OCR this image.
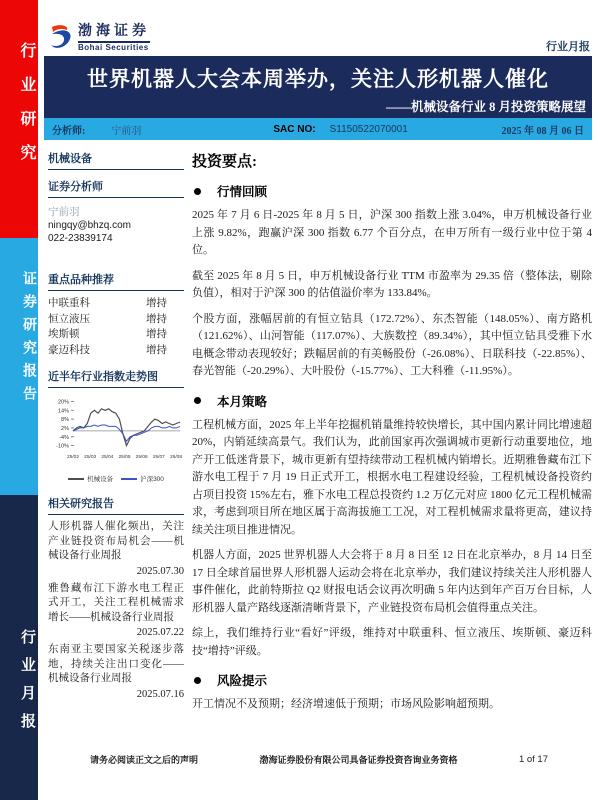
行业研究
证券研究报告
行业月报
渤海证券
Bohai Securities	行业月报
世界机器人大会本周举办，关注人形机器人催化
——机械设备行业 8 月投资策略展望
分析师:	宁前羽	SAC NO: S1150522070001	2025 年 08 月 06 日
机械设备
证券分析师
宁前羽
ningqy@bhzq.com
022-23839174
重点品种推荐
中联重科	增持
恒立液压	增持
埃斯顿	增持
豪迈科技	增持
近半年行业指数走势图
20%
14%
8%
2%
-4%
-10%
25/02 25/03 25/04 25/05 25/06 25/07 25/08
机械设备	沪深300
相关研究报告
人形机器人催化频出，关注产业链投资布局机会——机械设备行业周报
2025.07.30
雅鲁藏布江下游水电工程正式开工，关注工程机械需求增长——机械设备行业周报
2025.07.22
东南亚主要国家关税逐步落地，持续关注出口变化——机械设备行业周报
2025.07.16
投资要点:
行情回顾

2025 年 7 月 6 日-2025 年 8 月 5 日，沪深 300 指数上涨 3.04%，申万机械设备行业上涨 9.82%，跑赢沪深 300 指数 6.77 个百分点，在申万所有一级行业中位于第 4 位。

截至 2025 年 8 月 5 日，申万机械设备行业 TTM 市盈率为 29.35 倍（整体法，剔除负值），相对于沪深 300 的估值溢价率为 133.84%。

个股方面，涨幅居前的有恒立钻具（172.72%）、东杰智能（148.05%）、南方路机（121.62%）、山河智能（117.07%）、大族数控（89.34%），其中恒立钻具受雅下水电概念带动表现较好；跌幅居前的有美畅股份（-26.08%）、日联科技（-22.85%）、春光智能（-20.29%）、大叶股份（-15.77%）、工大科雅（-11.95%）。

本月策略

工程机械方面，2025 年上半年挖掘机销量维持较快增长，其中国内累计同比增速超 20%，内销延续高景气。我们认为，此前国家再次强调城市更新行动重要地位，地产开工低迷背景下，城市更新有望持续带动工程机械内销增长。近期雅鲁藏布江下游水电工程于 7 月 19 日正式开工，根据水电工程建设经验，工程机械设备投资约占项目投资 15%左右，雅下水电工程总投资约 1.2 万亿元对应 1800 亿元工程机械需求，考虑到项目所在地区属于高海拔施工工况，对工程机械需求量将更高，建议持续关注项目推进情况。

机器人方面，2025 世界机器人大会将于 8 月 8 日至 12 日在北京举办，8 月 14 日至 17 日全球首届世界人形机器人运动会将在北京举办，我们建议持续关注人形机器人事件催化，此前特斯拉 Q2 财报电话会议再次明确 5 年内达到年产百万台目标，人形机器人量产路线逐渐清晰背景下，产业链投资布局机会值得重点关注。

综上，我们维持行业“看好”评级，维持对中联重科、恒立液压、埃斯顿、豪迈科技“增持”评级。

风险提示

开工情况不及预期；经济增速低于预期；市场风险影响超预期。

请务必阅读正文之后的声明	渤海证券股份有限公司具备证券投资咨询业务资格	1 of 17
